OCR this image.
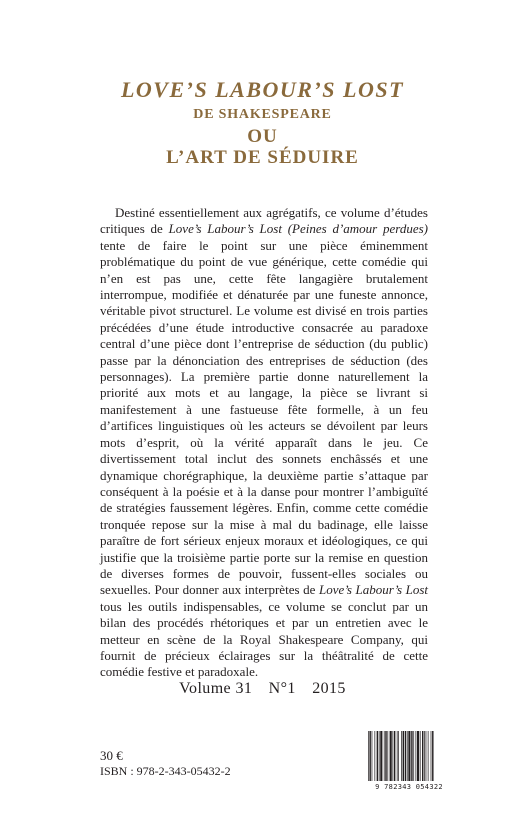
LOVE’S LABOUR’S LOST
DE SHAKESPEARE
OU
L’ART DE SÉDUIRE

Destiné essentiellement aux agrégatifs, ce volume d’études critiques de Love’s Labour’s Lost (Peines d’amour perdues) tente de faire le point sur une pièce éminemment problématique du point de vue générique, cette comédie qui n’en est pas une, cette fête langagière brutalement interrompue, modifiée et dénaturée par une funeste annonce, véritable pivot structurel. Le volume est divisé en trois parties précédées d’une étude introductive consacrée au paradoxe central d’une pièce dont l’entreprise de séduction (du public) passe par la dénonciation des entreprises de séduction (des personnages). La première partie donne naturellement la priorité aux mots et au langage, la pièce se livrant si manifestement à une fastueuse fête formelle, à un feu d’artifices linguistiques où les acteurs se dévoilent par leurs mots d’esprit, où la vérité apparaît dans le jeu. Ce divertissement total inclut des sonnets enchâssés et une dynamique chorégraphique, la deuxième partie s’attaque par conséquent à la poésie et à la danse pour montrer l’ambiguïté de stratégies faussement légères. Enfin, comme cette comédie tronquée repose sur la mise à mal du badinage, elle laisse paraître de fort sérieux enjeux moraux et idéologiques, ce qui justifie que la troisième partie porte sur la remise en question de diverses formes de pouvoir, fussent-elles sociales ou sexuelles. Pour donner aux interprètes de Love’s Labour’s Lost tous les outils indispensables, ce volume se conclut par un bilan des procédés rhétoriques et par un entretien avec le metteur en scène de la Royal Shakespeare Company, qui fournit de précieux éclairages sur la théâtralité de cette comédie festive et paradoxale.

Volume 31 N°1 2015
30 €
ISBN : 978-2-343-05432-2
9 782343 054322
